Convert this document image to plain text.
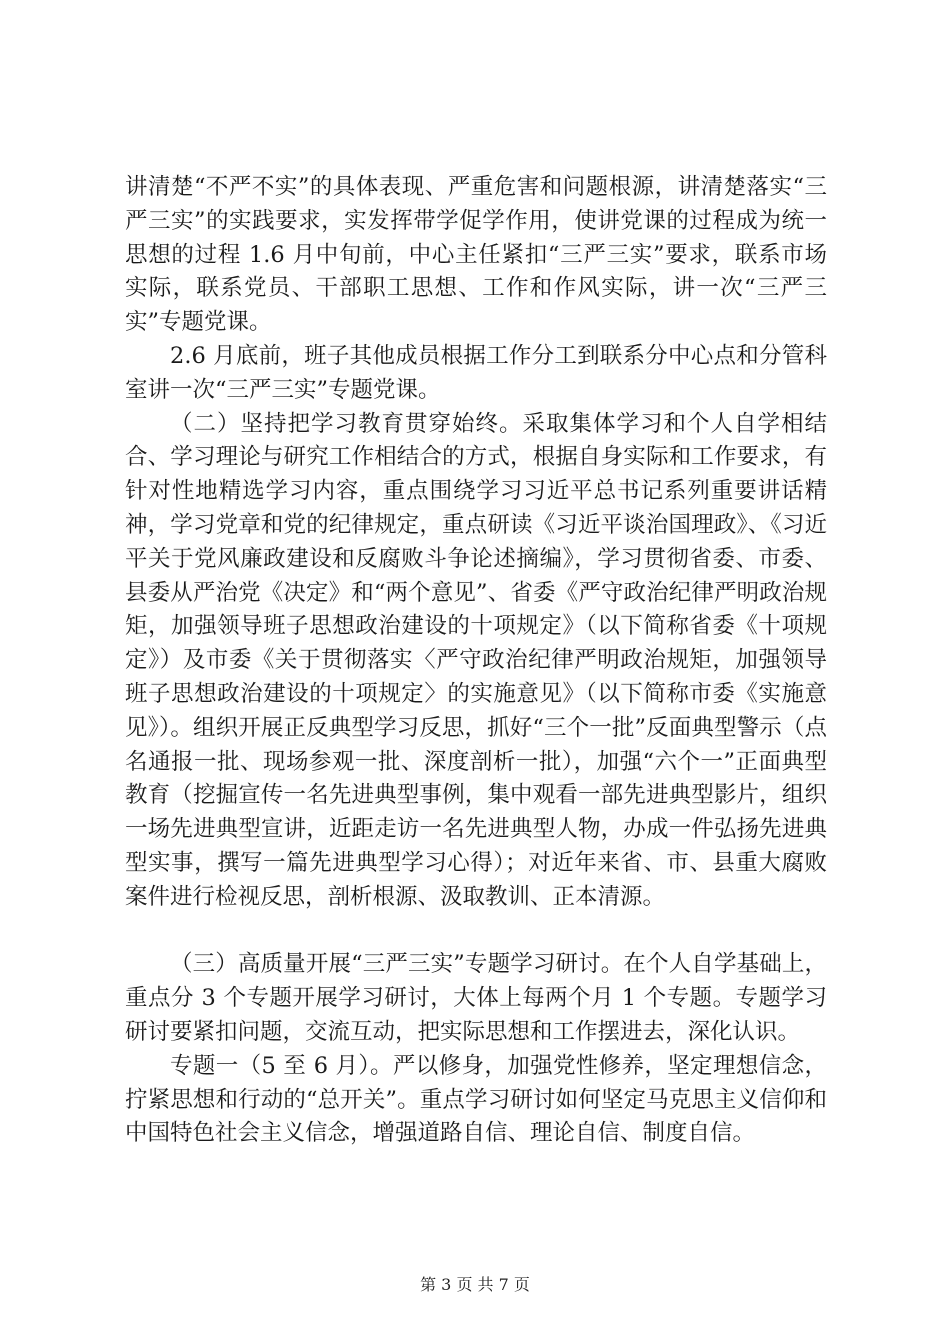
讲清楚“不严不实”的具体表现、严重危害和问题根源，讲清楚落实“三严三实”的实践要求，实发挥带学促学作用，使讲党课的过程成为统一思想的过程 1.6 月中旬前，中心主任紧扣“三严三实”要求，联系市场实际，联系党员、干部职工思想、工作和作风实际，讲一次“三严三实”专题党课。

2.6 月底前，班子其他成员根据工作分工到联系分中心点和分管科室讲一次“三严三实”专题党课。

（二）坚持把学习教育贯穿始终。采取集体学习和个人自学相结合、学习理论与研究工作相结合的方式，根据自身实际和工作要求，有针对性地精选学习内容，重点围绕学习习近平总书记系列重要讲话精神，学习党章和党的纪律规定，重点研读《习近平谈治国理政》、《习近平关于党风廉政建设和反腐败斗争论述摘编》，学习贯彻省委、市委、县委从严治党《决定》和“两个意见”、省委《严守政治纪律严明政治规矩，加强领导班子思想政治建设的十项规定》（以下简称省委《十项规定》）及市委《关于贯彻落实〈严守政治纪律严明政治规矩，加强领导班子思想政治建设的十项规定〉的实施意见》（以下简称市委《实施意见》）。组织开展正反典型学习反思，抓好“三个一批”反面典型警示（点名通报一批、现场参观一批、深度剖析一批），加强“六个一”正面典型教育（挖掘宣传一名先进典型事例，集中观看一部先进典型影片，组织一场先进典型宣讲，近距走访一名先进典型人物，办成一件弘扬先进典型实事，撰写一篇先进典型学习心得）；对近年来省、市、县重大腐败案件进行检视反思，剖析根源、汲取教训、正本清源。

（三）高质量开展“三严三实”专题学习研讨。在个人自学基础上，重点分 3 个专题开展学习研讨，大体上每两个月 1 个专题。专题学习研讨要紧扣问题，交流互动，把实际思想和工作摆进去，深化认识。

专题一（5 至 6 月）。严以修身，加强党性修养，坚定理想信念，拧紧思想和行动的“总开关”。重点学习研讨如何坚定马克思主义信仰和中国特色社会主义信念，增强道路自信、理论自信、制度自信。

第 3 页 共 7 页
